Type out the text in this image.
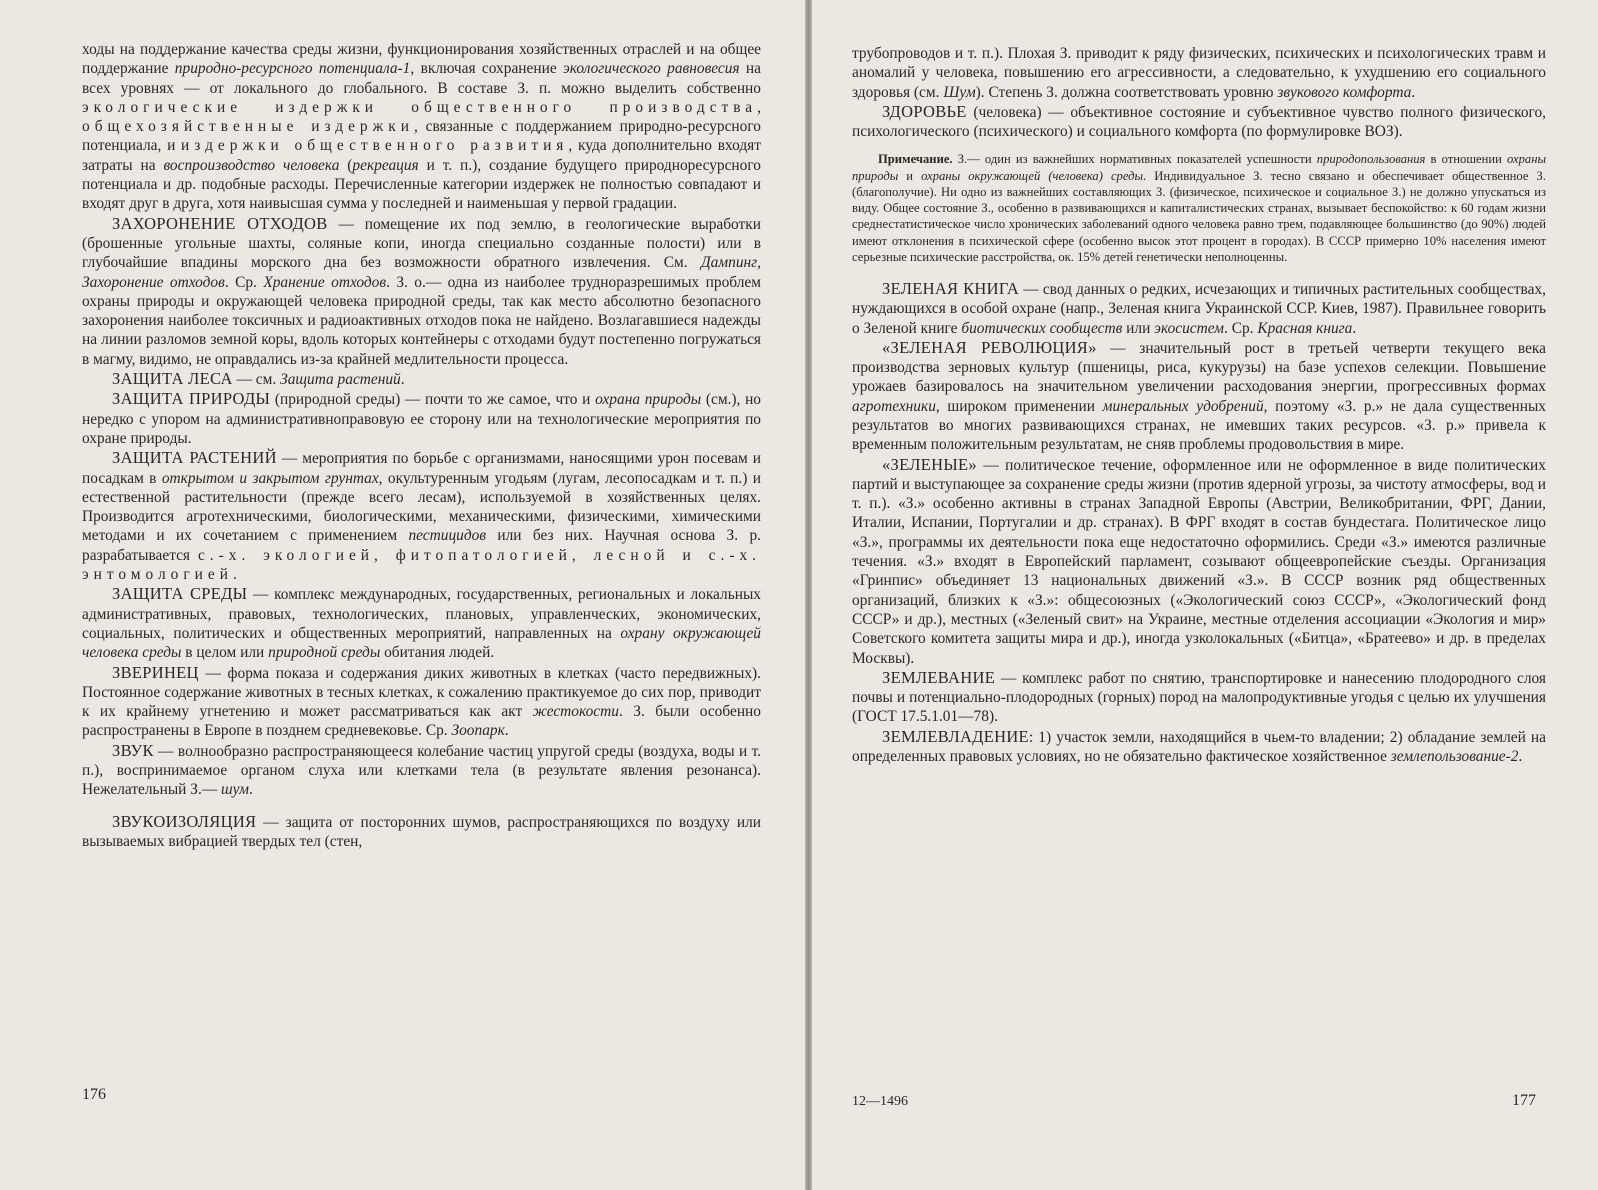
ходы на поддержание качества среды жизни, функционирования хозяйственных отраслей и на общее поддержание природно-ресурсного потенциала-1, включая сохранение экологического равновесия на всех уровнях — от локального до глобального. В составе З. п. можно выделить собственно экологические издержки общественного производства, общехозяйственные издержки, связанные с поддержанием природно-ресурсного потенциала, и издержки общественного развития, куда дополнительно входят затраты на воспроизводство человека (рекреация и т. п.), создание будущего природноресурсного потенциала и др. подобные расходы. Перечисленные категории издержек не полностью совпадают и входят друг в друга, хотя наивысшая сумма у последней и наименьшая у первой градации.

ЗАХОРОНЕНИЕ ОТХОДОВ — помещение их под землю, в геологические выработки (брошенные угольные шахты, соляные копи, иногда специально созданные полости) или в глубочайшие впадины морского дна без возможности обратного извлечения. См. Дампинг, Захоронение отходов. Ср. Хранение отходов. З. о.— одна из наиболее трудноразрешимых проблем охраны природы и окружающей человека природной среды, так как место абсолютно безопасного захоронения наиболее токсичных и радиоактивных отходов пока не найдено. Возлагавшиеся надежды на линии разломов земной коры, вдоль которых контейнеры с отходами будут постепенно погружаться в магму, видимо, не оправдались из-за крайней медлительности процесса.

ЗАЩИТА ЛЕСА — см. Защита растений.

ЗАЩИТА ПРИРОДЫ (природной среды) — почти то же самое, что и охрана природы (см.), но нередко с упором на административноправовую ее сторону или на технологические мероприятия по охране природы.

ЗАЩИТА РАСТЕНИЙ — мероприятия по борьбе с организмами, наносящими урон посевам и посадкам в открытом и закрытом грунтах, окультуренным угодьям (лугам, лесопосадкам и т. п.) и естественной растительности (прежде всего лесам), используемой в хозяйственных целях. Производится агротехническими, биологическими, механическими, физическими, химическими методами и их сочетанием с применением пестицидов или без них. Научная основа З. р. разрабатывается с.-х. экологией, фитопатологией, лесной и с.-х. энтомологией.

ЗАЩИТА СРЕДЫ — комплекс международных, государственных, региональных и локальных административных, правовых, технологических, плановых, управленческих, экономических, социальных, политических и общественных мероприятий, направленных на охрану окружающей человека среды в целом или природной среды обитания людей.

ЗВЕРИНЕЦ — форма показа и содержания диких животных в клетках (часто передвижных). Постоянное содержание животных в тесных клетках, к сожалению практикуемое до сих пор, приводит к их крайнему угнетению и может рассматриваться как акт жестокости. З. были особенно распространены в Европе в позднем средневековье. Ср. Зоопарк.

ЗВУК — волнообразно распространяющееся колебание частиц упругой среды (воздуха, воды и т. п.), воспринимаемое органом слуха или клетками тела (в результате явления резонанса). Нежелательный З.— шум.

ЗВУКОИЗОЛЯЦИЯ — защита от посторонних шумов, распространяющихся по воздуху или вызываемых вибрацией твердых тел (стен,

176

трубопроводов и т. п.). Плохая З. приводит к ряду физических, психических и психологических травм и аномалий у человека, повышению его агрессивности, а следовательно, к ухудшению его социального здоровья (см. Шум). Степень З. должна соответствовать уровню звукового комфорта.

ЗДОРОВЬЕ (человека) — объективное состояние и субъективное чувство полного физического, психологического (психического) и социального комфорта (по формулировке ВОЗ).

Примечание. З.— один из важнейших нормативных показателей успешности природопользования в отношении охраны природы и охраны окружающей (человека) среды. Индивидуальное З. тесно связано и обеспечивает общественное З. (благополучие). Ни одно из важнейших составляющих З. (физическое, психическое и социальное З.) не должно упускаться из виду. Общее состояние З., особенно в развивающихся и капиталистических странах, вызывает беспокойство: к 60 годам жизни среднестатистическое число хронических заболеваний одного человека равно трем, подавляющее большинство (до 90%) людей имеют отклонения в психической сфере (особенно высок этот процент в городах). В СССР примерно 10% населения имеют серьезные психические расстройства, ок. 15% детей генетически неполноценны.

ЗЕЛЕНАЯ КНИГА — свод данных о редких, исчезающих и типичных растительных сообществах, нуждающихся в особой охране (напр., Зеленая книга Украинской ССР. Киев, 1987). Правильнее говорить о Зеленой книге биотических сообществ или экосистем. Ср. Красная книга.

«ЗЕЛЕНАЯ РЕВОЛЮЦИЯ» — значительный рост в третьей четверти текущего века производства зерновых культур (пшеницы, риса, кукурузы) на базе успехов селекции. Повышение урожаев базировалось на значительном увеличении расходования энергии, прогрессивных формах агротехники, широком применении минеральных удобрений, поэтому «З. р.» не дала существенных результатов во многих развивающихся странах, не имевших таких ресурсов. «З. р.» привела к временным положительным результатам, не сняв проблемы продовольствия в мире.

«ЗЕЛЕНЫЕ» — политическое течение, оформленное или не оформленное в виде политических партий и выступающее за сохранение среды жизни (против ядерной угрозы, за чистоту атмосферы, вод и т. п.). «З.» особенно активны в странах Западной Европы (Австрии, Великобритании, ФРГ, Дании, Италии, Испании, Португалии и др. странах). В ФРГ входят в состав бундестага. Политическое лицо «З.», программы их деятельности пока еще недостаточно оформились. Среди «З.» имеются различные течения. «З.» входят в Европейский парламент, созывают общеевропейские съезды. Организация «Гринпис» объединяет 13 национальных движений «З.». В СССР возник ряд общественных организаций, близких к «З.»: общесоюзных («Экологический союз СССР», «Экологический фонд СССР» и др.), местных («Зеленый свит» на Украине, местные отделения ассоциации «Экология и мир» Советского комитета защиты мира и др.), иногда узколокальных («Битца», «Братеево» и др. в пределах Москвы).

ЗЕМЛЕВАНИЕ — комплекс работ по снятию, транспортировке и нанесению плодородного слоя почвы и потенциально-плодородных (горных) пород на малопродуктивные угодья с целью их улучшения (ГОСТ 17.5.1.01—78).

ЗЕМЛЕВЛАДЕНИЕ: 1) участок земли, находящийся в чьем-то владении; 2) обладание землей на определенных правовых условиях, но не обязательно фактическое хозяйственное землепользование-2.

12—1496	177
